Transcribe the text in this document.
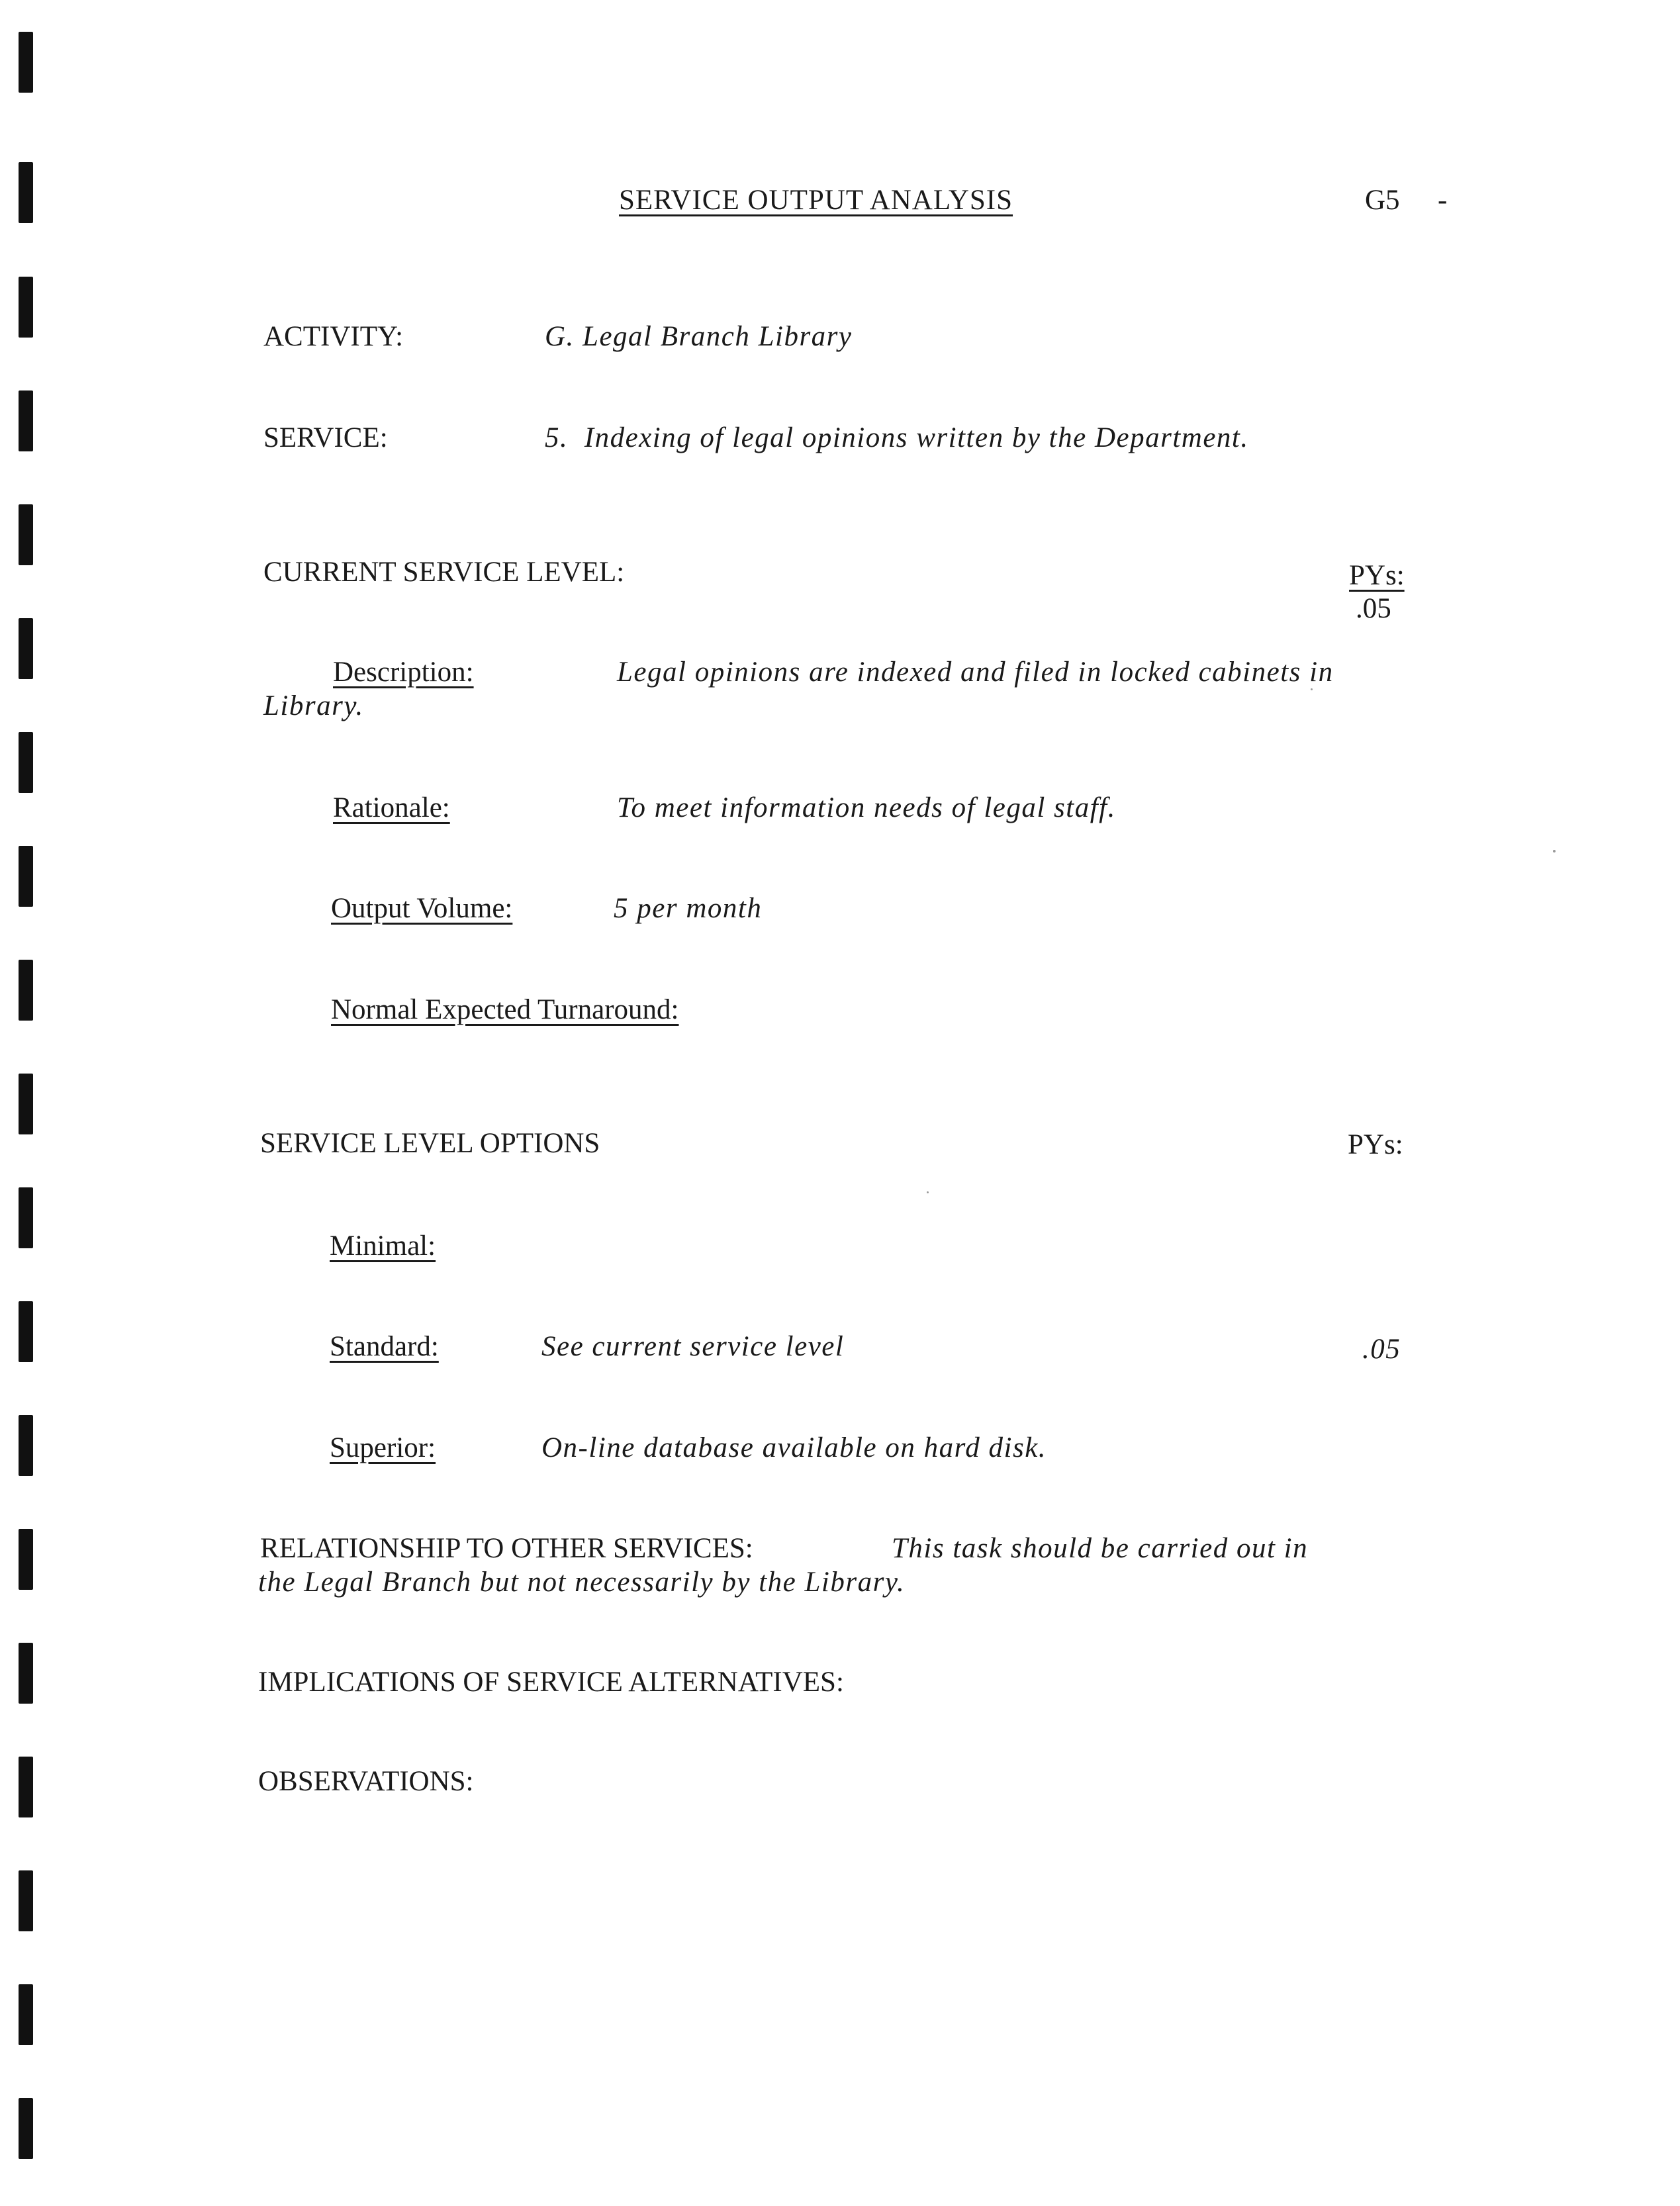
SERVICE OUTPUT ANALYSIS	G5 -
ACTIVITY:	G. Legal Branch Library
SERVICE:	5.  Indexing of legal opinions written by the Department.
CURRENT SERVICE LEVEL:	PYs:
.05
Description:	Legal opinions are indexed and filed in locked cabinets in
Library.
Rationale:	To meet information needs of legal staff.
Output Volume:	5 per month
Normal Expected Turnaround:
SERVICE LEVEL OPTIONS	PYs:
Minimal:
Standard:	See current service level	.05
Superior:	On-line database available on hard disk.
RELATIONSHIP TO OTHER SERVICES:	This task should be carried out in
the Legal Branch but not necessarily by the Library.
IMPLICATIONS OF SERVICE ALTERNATIVES:
OBSERVATIONS:
